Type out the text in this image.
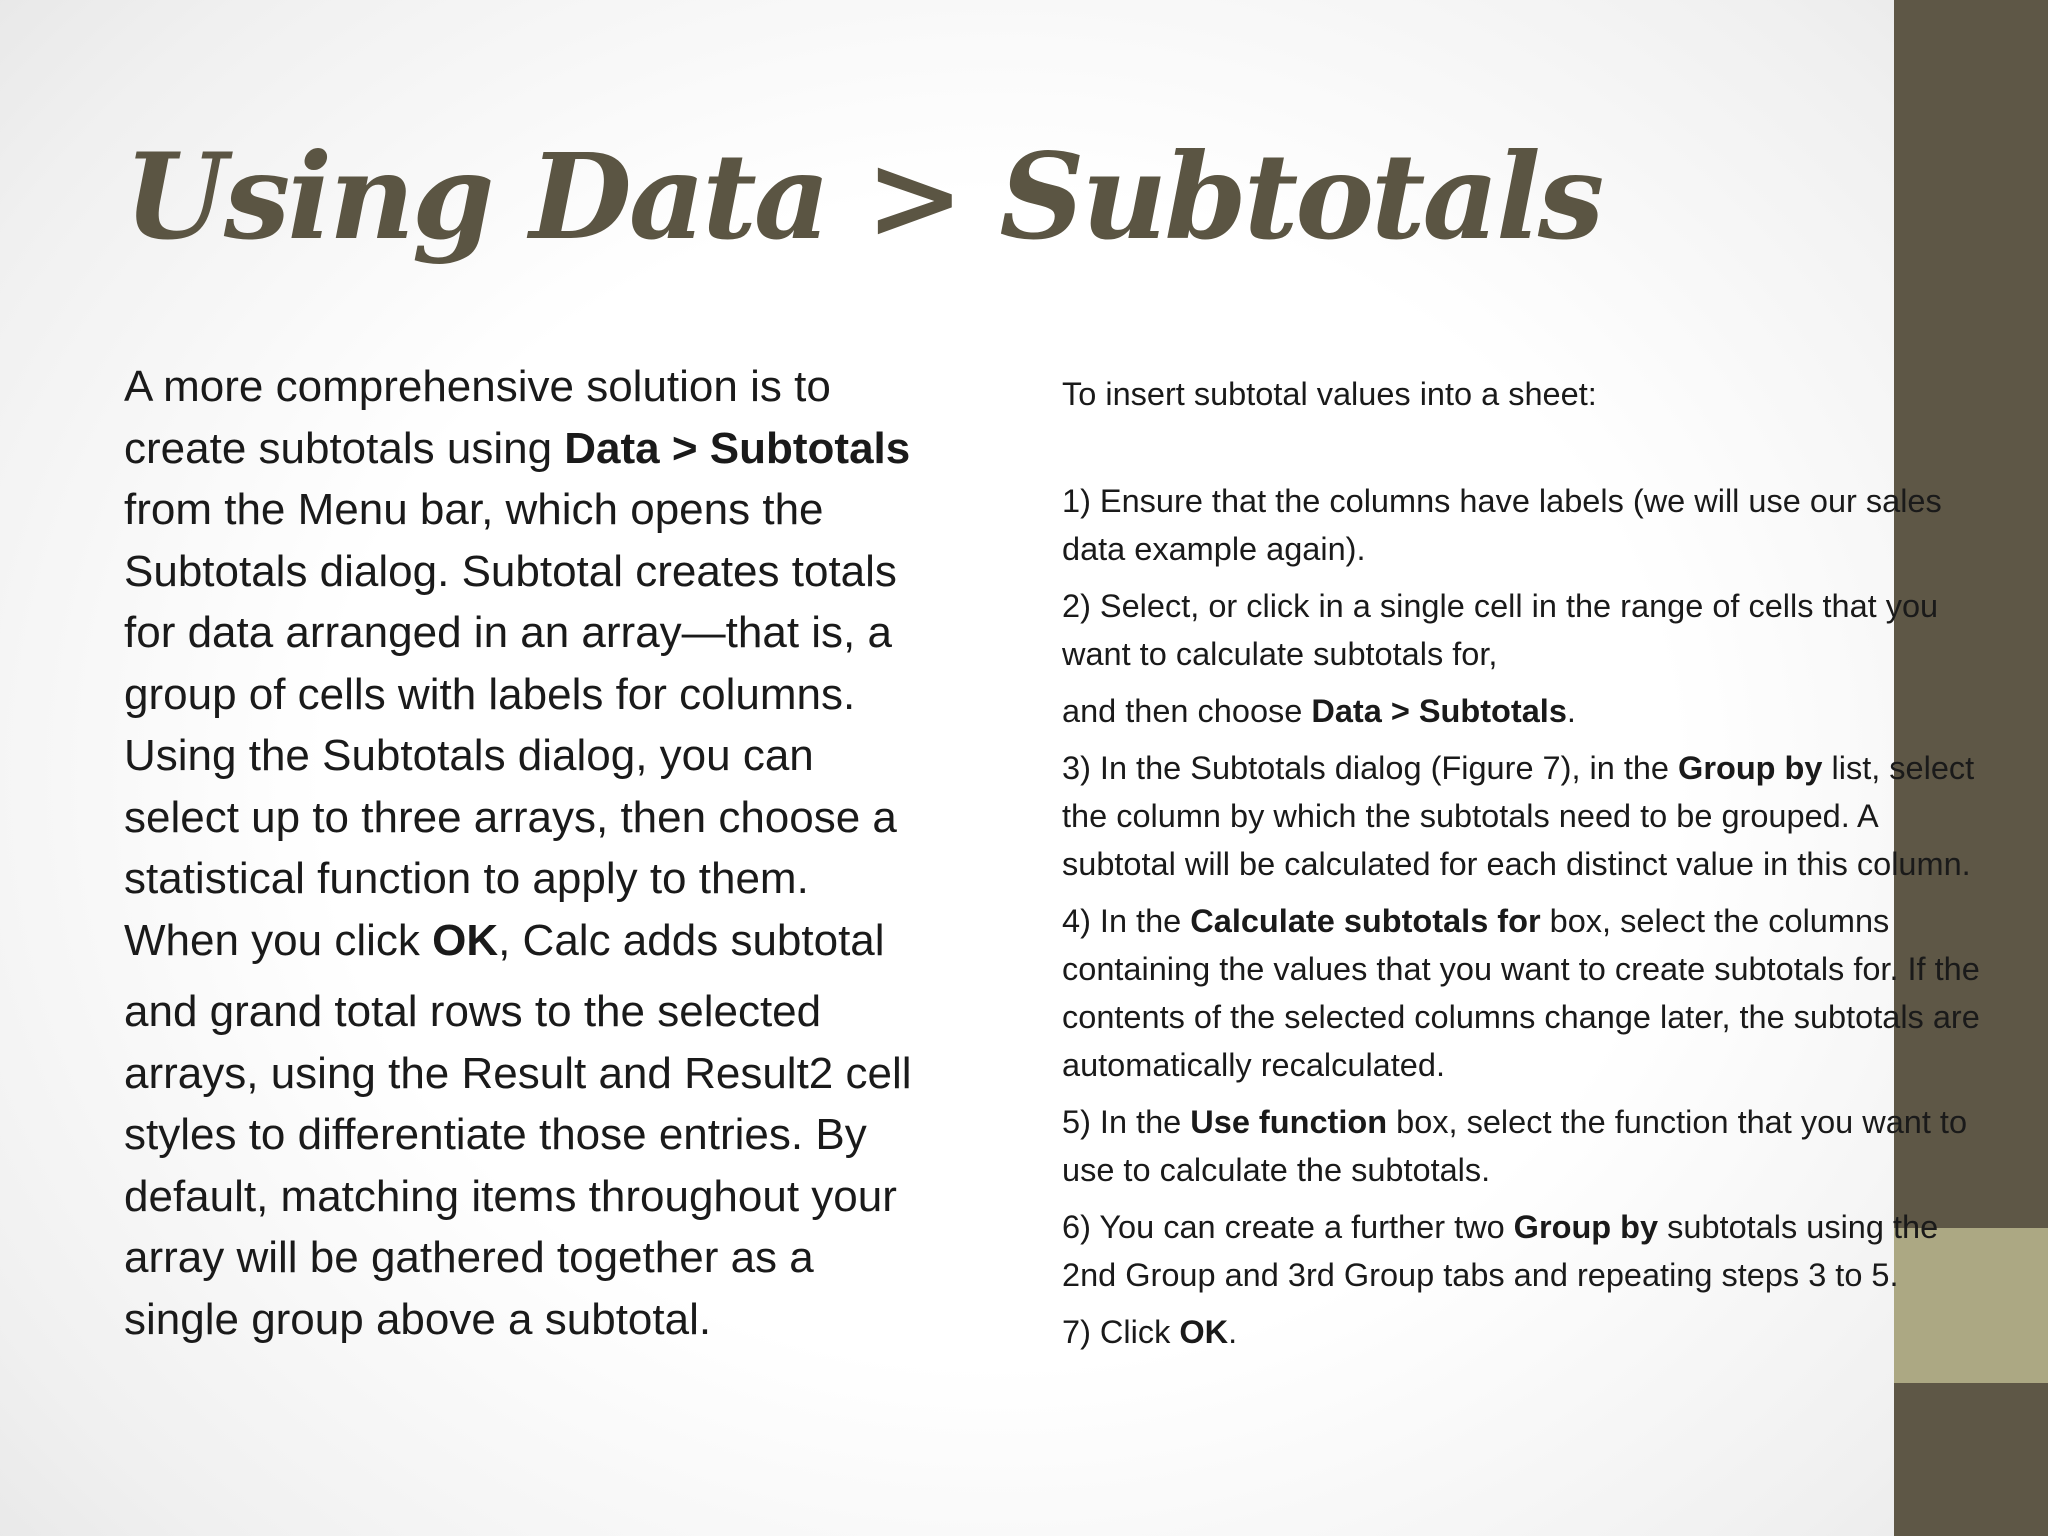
Using Data > Subtotals

A more comprehensive solution is to create subtotals using Data > Subtotals from the Menu bar, which opens the Subtotals dialog. Subtotal creates totals for data arranged in an array—that is, a group of cells with labels for columns. Using the Subtotals dialog, you can select up to three arrays, then choose a statistical function to apply to them. When you click OK, Calc adds subtotal

and grand total rows to the selected arrays, using the Result and Result2 cell styles to differentiate those entries. By default, matching items throughout your array will be gathered together as a single group above a subtotal.

To insert subtotal values into a sheet:

1) Ensure that the columns have labels (we will use our sales data example again).

2) Select, or click in a single cell in the range of cells that you want to calculate subtotals for,

and then choose Data > Subtotals.

3) In the Subtotals dialog (Figure 7), in the Group by list, select the column by which the subtotals need to be grouped. A subtotal will be calculated for each distinct value in this column.

4) In the Calculate subtotals for box, select the columns containing the values that you want to create subtotals for. If the contents of the selected columns change later, the subtotals are automatically recalculated.

5) In the Use function box, select the function that you want to use to calculate the subtotals.

6) You can create a further two Group by subtotals using the 2nd Group and 3rd Group tabs and repeating steps 3 to 5.

7) Click OK.
